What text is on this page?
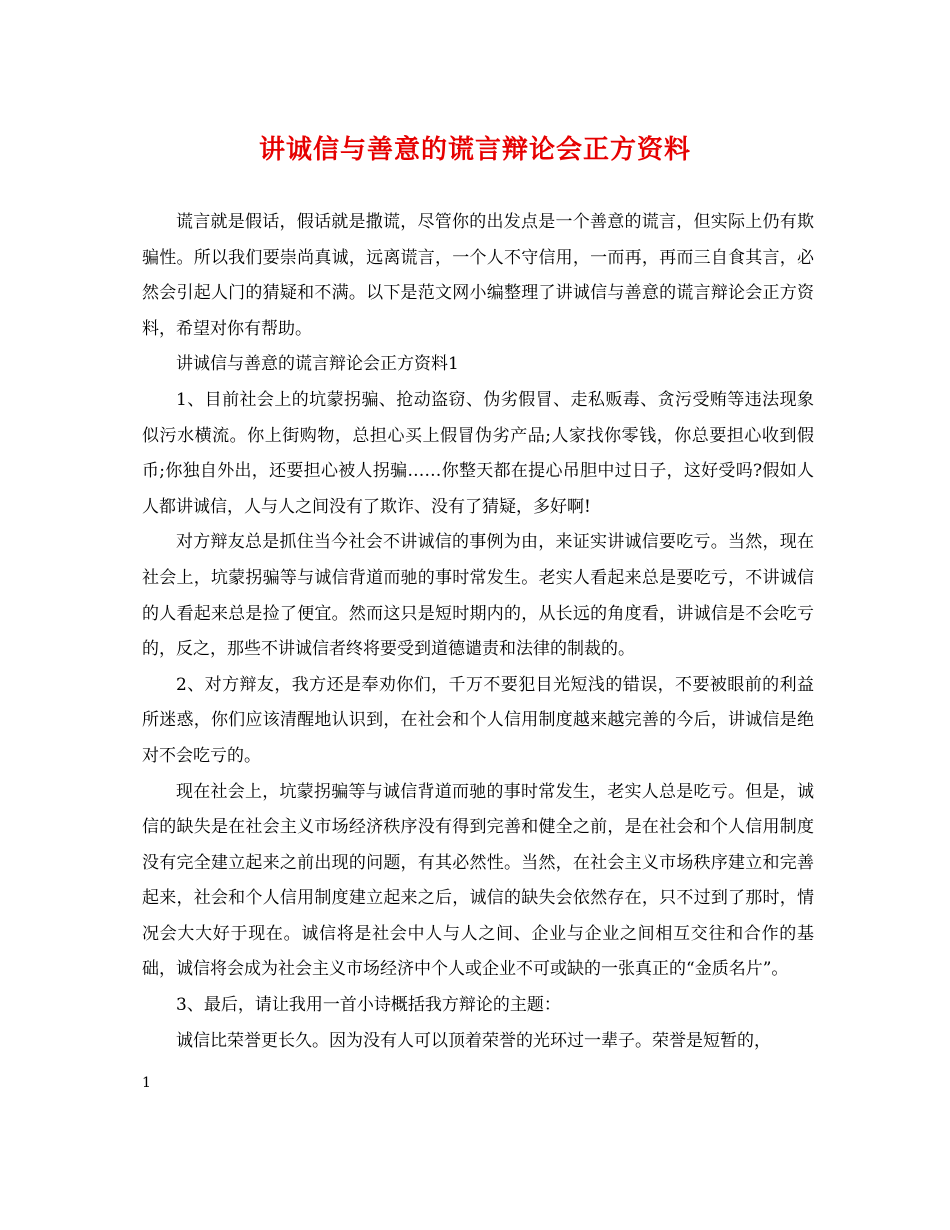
讲诚信与善意的谎言辩论会正方资料

谎言就是假话，假话就是撒谎，尽管你的出发点是一个善意的谎言，但实际上仍有欺骗性。所以我们要崇尚真诚，远离谎言，一个人不守信用，一而再，再而三自食其言，必然会引起人门的猜疑和不满。以下是范文网小编整理了讲诚信与善意的谎言辩论会正方资料，希望对你有帮助。

讲诚信与善意的谎言辩论会正方资料1

1、目前社会上的坑蒙拐骗、抢动盗窃、伪劣假冒、走私贩毒、贪污受贿等违法现象似污水横流。你上街购物，总担心买上假冒伪劣产品;人家找你零钱，你总要担心收到假币;你独自外出，还要担心被人拐骗……你整天都在提心吊胆中过日子，这好受吗?假如人人都讲诚信，人与人之间没有了欺诈、没有了猜疑，多好啊!

对方辩友总是抓住当今社会不讲诚信的事例为由，来证实讲诚信要吃亏。当然，现在社会上，坑蒙拐骗等与诚信背道而驰的事时常发生。老实人看起来总是要吃亏，不讲诚信的人看起来总是捡了便宜。然而这只是短时期内的，从长远的角度看，讲诚信是不会吃亏的，反之，那些不讲诚信者终将要受到道德谴责和法律的制裁的。

2、对方辩友，我方还是奉劝你们，千万不要犯目光短浅的错误，不要被眼前的利益所迷惑，你们应该清醒地认识到，在社会和个人信用制度越来越完善的今后，讲诚信是绝对不会吃亏的。

现在社会上，坑蒙拐骗等与诚信背道而驰的事时常发生，老实人总是吃亏。但是，诚信的缺失是在社会主义市场经济秩序没有得到完善和健全之前，是在社会和个人信用制度没有完全建立起来之前出现的问题，有其必然性。当然，在社会主义市场秩序建立和完善起来，社会和个人信用制度建立起来之后，诚信的缺失会依然存在，只不过到了那时，情况会大大好于现在。诚信将是社会中人与人之间、企业与企业之间相互交往和合作的基础，诚信将会成为社会主义市场经济中个人或企业不可或缺的一张真正的“金质名片”。

3、最后，请让我用一首小诗概括我方辩论的主题：

诚信比荣誉更长久。因为没有人可以顶着荣誉的光环过一辈子。荣誉是短暂的，

1
